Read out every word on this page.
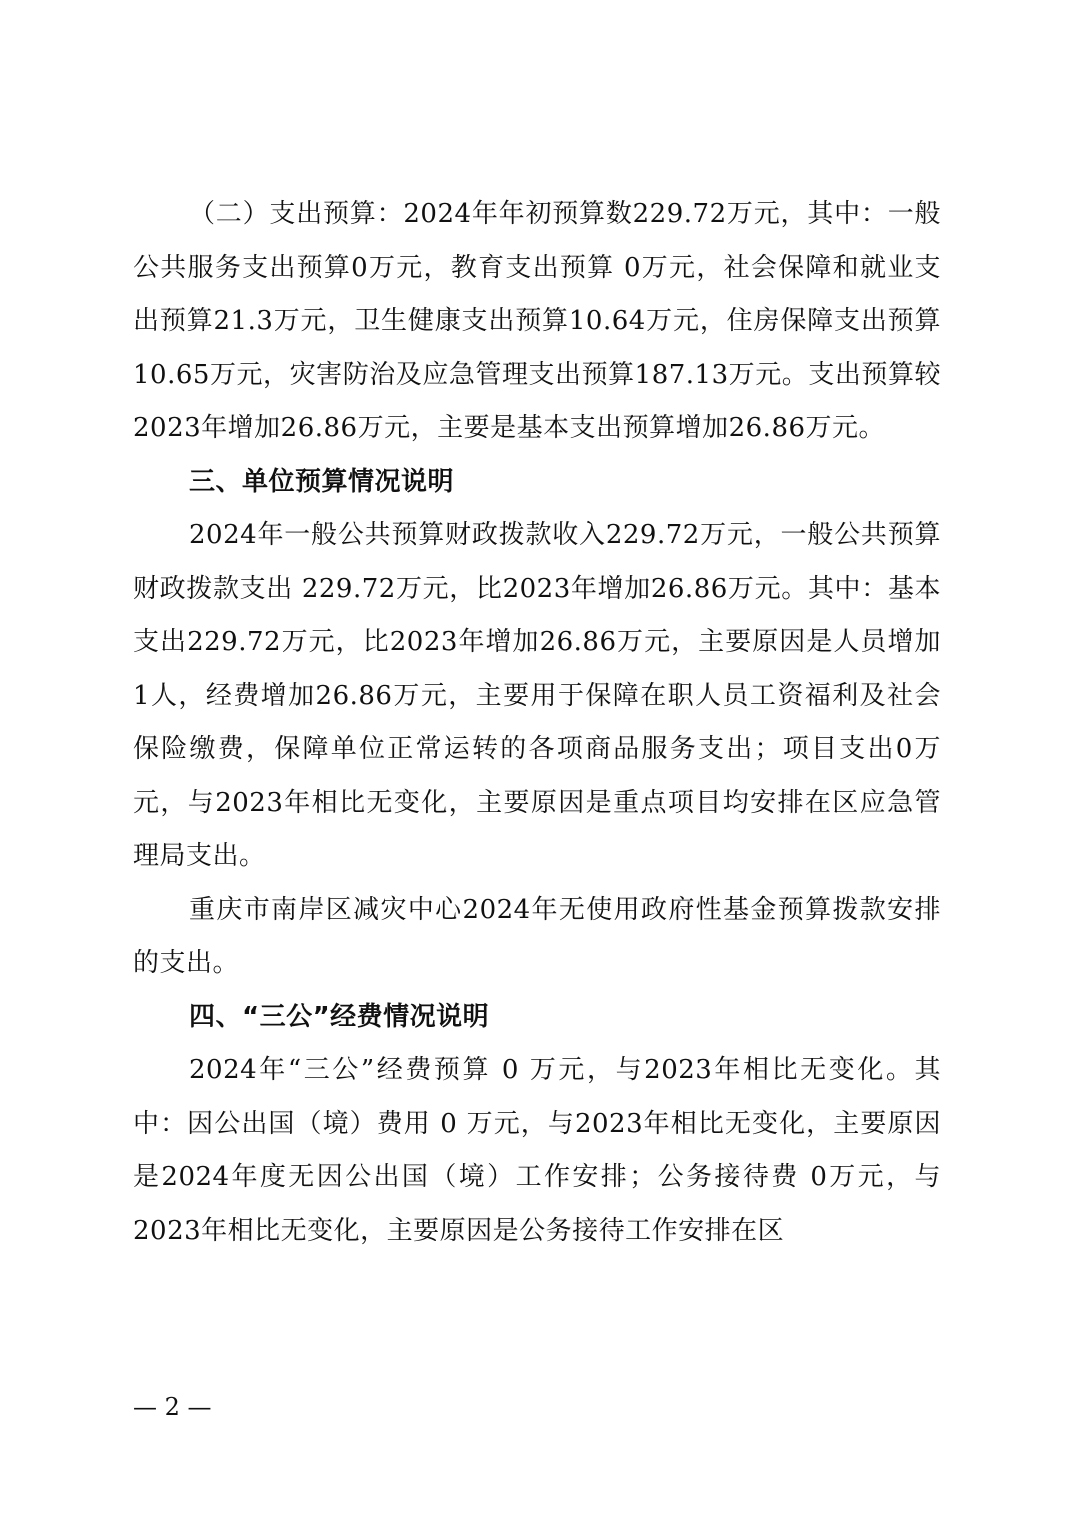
（二）支出预算：2024年年初预算数229.72万元，其中：一般公共服务支出预算0万元，教育支出预算 0万元，社会保障和就业支出预算21.3万元，卫生健康支出预算10.64万元，住房保障支出预算10.65万元，灾害防治及应急管理支出预算187.13万元。支出预算较2023年增加26.86万元，主要是基本支出预算增加26.86万元。

三、单位预算情况说明

2024年一般公共预算财政拨款收入229.72万元，一般公共预算财政拨款支出 229.72万元，比2023年增加26.86万元。其中：基本支出229.72万元，比2023年增加26.86万元，主要原因是人员增加1人，经费增加26.86万元，主要用于保障在职人员工资福利及社会保险缴费，保障单位正常运转的各项商品服务支出；项目支出0万元，与2023年相比无变化，主要原因是重点项目均安排在区应急管理局支出。

重庆市南岸区减灾中心2024年无使用政府性基金预算拨款安排的支出。

四、“三公”经费情况说明

2024年“三公”经费预算 0 万元，与2023年相比无变化。其中：因公出国（境）费用 0 万元，与2023年相比无变化，主要原因是2024年度无因公出国（境）工作安排；公务接待费 0万元，与2023年相比无变化，主要原因是公务接待工作安排在区

— 2 —
